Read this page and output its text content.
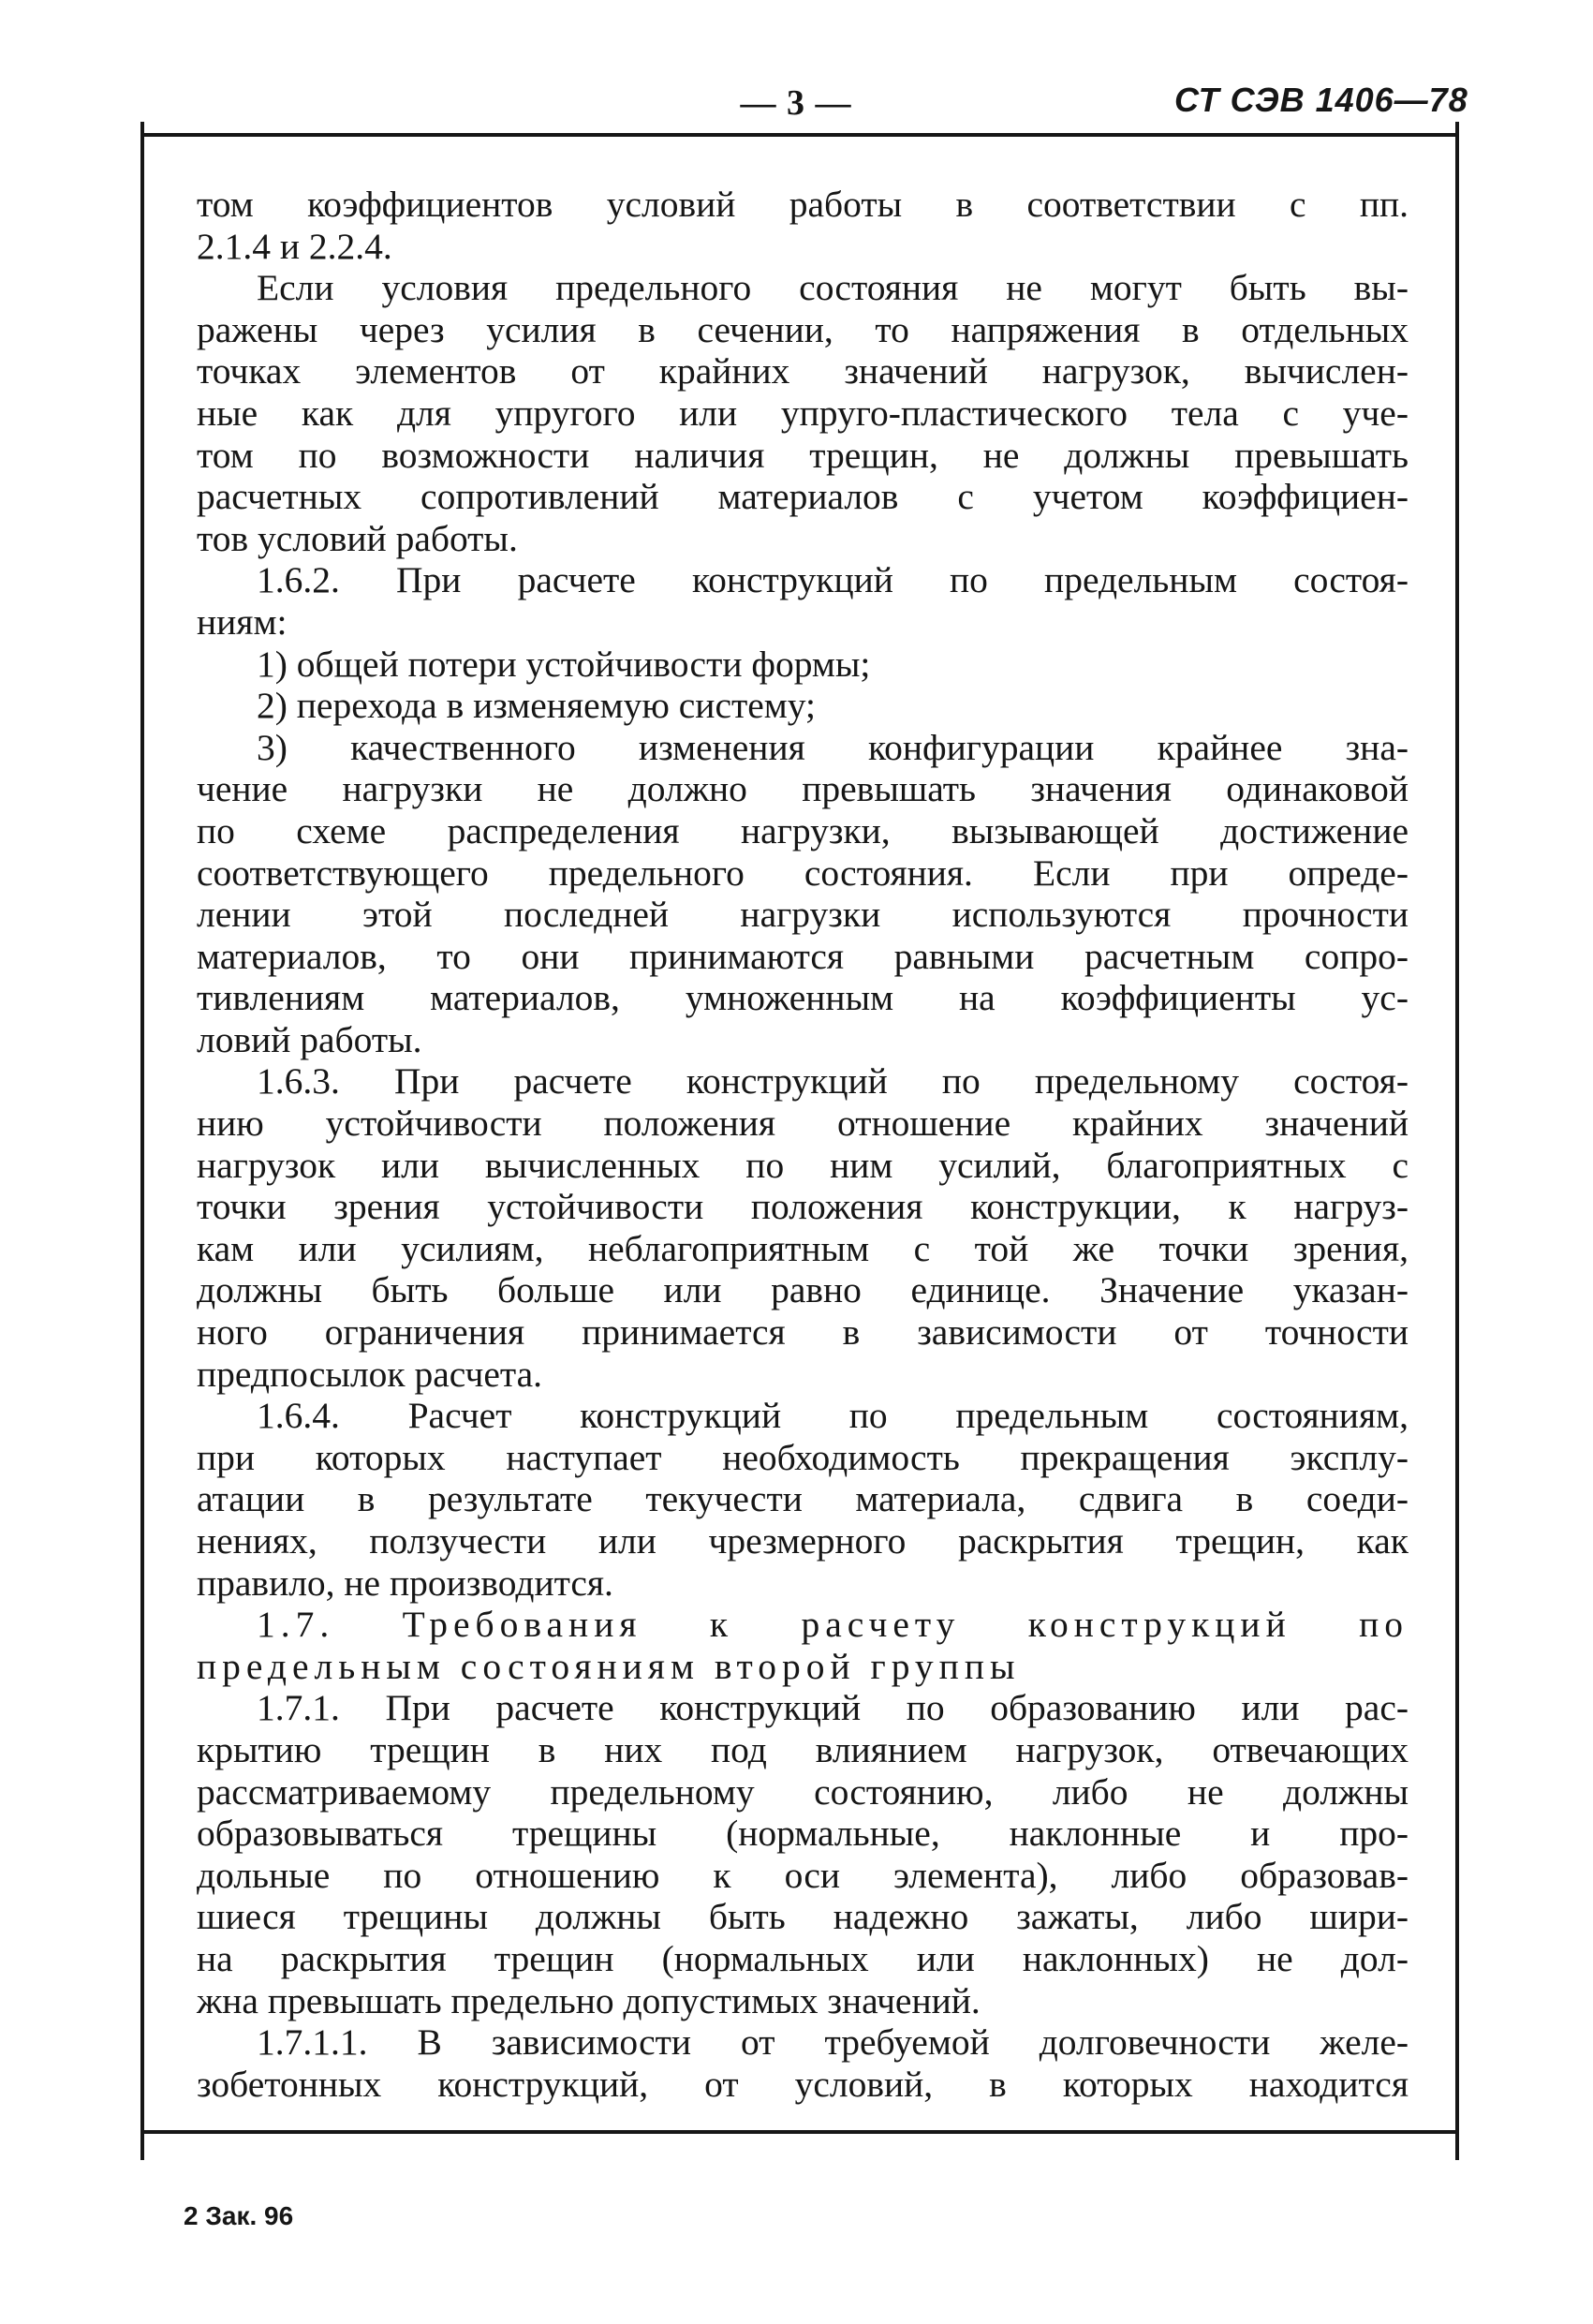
— 3 —	СТ СЭВ 1406—78
том коэффициентов условий работы в соответствии с пп.
2.1.4 и 2.2.4.
Если условия предельного состояния не могут быть вы-
ражены через усилия в сечении, то напряжения в отдельных
точках элементов от крайних значений нагрузок, вычислен-
ные как для упругого или упруго-пластического тела с уче-
том по возможности наличия трещин, не должны превышать
расчетных сопротивлений материалов с учетом коэффициен-
тов условий работы.
1.6.2. При расчете конструкций по предельным состоя-
ниям:
1) общей потери устойчивости формы;
2) перехода в изменяемую систему;
3) качественного изменения конфигурации крайнее зна-
чение нагрузки не должно превышать значения одинаковой
по схеме распределения нагрузки, вызывающей достижение
соответствующего предельного состояния. Если при опреде-
лении этой последней нагрузки используются прочности
материалов, то они принимаются равными расчетным сопро-
тивлениям материалов, умноженным на коэффициенты ус-
ловий работы.
1.6.3. При расчете конструкций по предельному состоя-
нию устойчивости положения отношение крайних значений
нагрузок или вычисленных по ним усилий, благоприятных с
точки зрения устойчивости положения конструкции, к нагруз-
кам или усилиям, неблагоприятным с той же точки зрения,
должны быть больше или равно единице. Значение указан-
ного ограничения принимается в зависимости от точности
предпосылок расчета.
1.6.4. Расчет конструкций по предельным состояниям,
при которых наступает необходимость прекращения эксплу-
атации в результате текучести материала, сдвига в соеди-
нениях, ползучести или чрезмерного раскрытия трещин, как
правило, не производится.
1.7. Требования к расчету конструкций по
предельным состояниям второй группы
1.7.1. При расчете конструкций по образованию или рас-
крытию трещин в них под влиянием нагрузок, отвечающих
рассматриваемому предельному состоянию, либо не должны
образовываться трещины (нормальные, наклонные и про-
дольные по отношению к оси элемента), либо образовав-
шиеся трещины должны быть надежно зажаты, либо шири-
на раскрытия трещин (нормальных или наклонных) не дол-
жна превышать предельно допустимых значений.
1.7.1.1. В зависимости от требуемой долговечности желе-
зобетонных конструкций, от условий, в которых находится
2 Зак. 96
